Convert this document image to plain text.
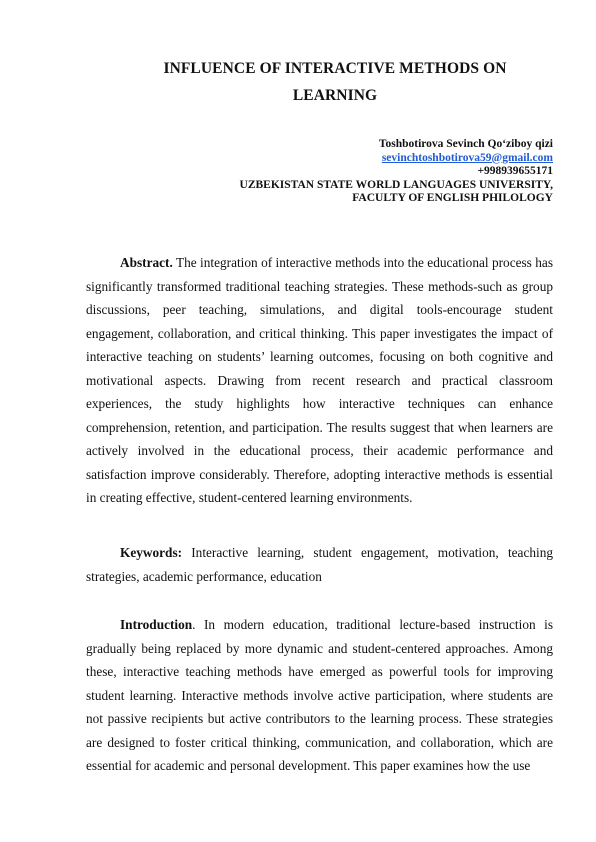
INFLUENCE OF INTERACTIVE METHODS ON
LEARNING
Toshbotirova Sevinch Qo‘ziboy qizi
sevinchtoshbotirova59@gmail.com
+998939655171
UZBEKISTAN STATE WORLD LANGUAGES UNIVERSITY,
FACULTY OF ENGLISH PHILOLOGY
Abstract. The integration of interactive methods into the educational process has significantly transformed traditional teaching strategies. These methods-such as group discussions, peer teaching, simulations, and digital tools-encourage student engagement, collaboration, and critical thinking. This paper investigates the impact of interactive teaching on students’ learning outcomes, focusing on both cognitive and motivational aspects. Drawing from recent research and practical classroom experiences, the study highlights how interactive techniques can enhance comprehension, retention, and participation. The results suggest that when learners are actively involved in the educational process, their academic performance and satisfaction improve considerably. Therefore, adopting interactive methods is essential in creating effective, student-centered learning environments.
Keywords: Interactive learning, student engagement, motivation, teaching strategies, academic performance, education
Introduction. In modern education, traditional lecture-based instruction is gradually being replaced by more dynamic and student-centered approaches. Among these, interactive teaching methods have emerged as powerful tools for improving student learning. Interactive methods involve active participation, where students are not passive recipients but active contributors to the learning process. These strategies are designed to foster critical thinking, communication, and collaboration, which are essential for academic and personal development. This paper examines how the use
